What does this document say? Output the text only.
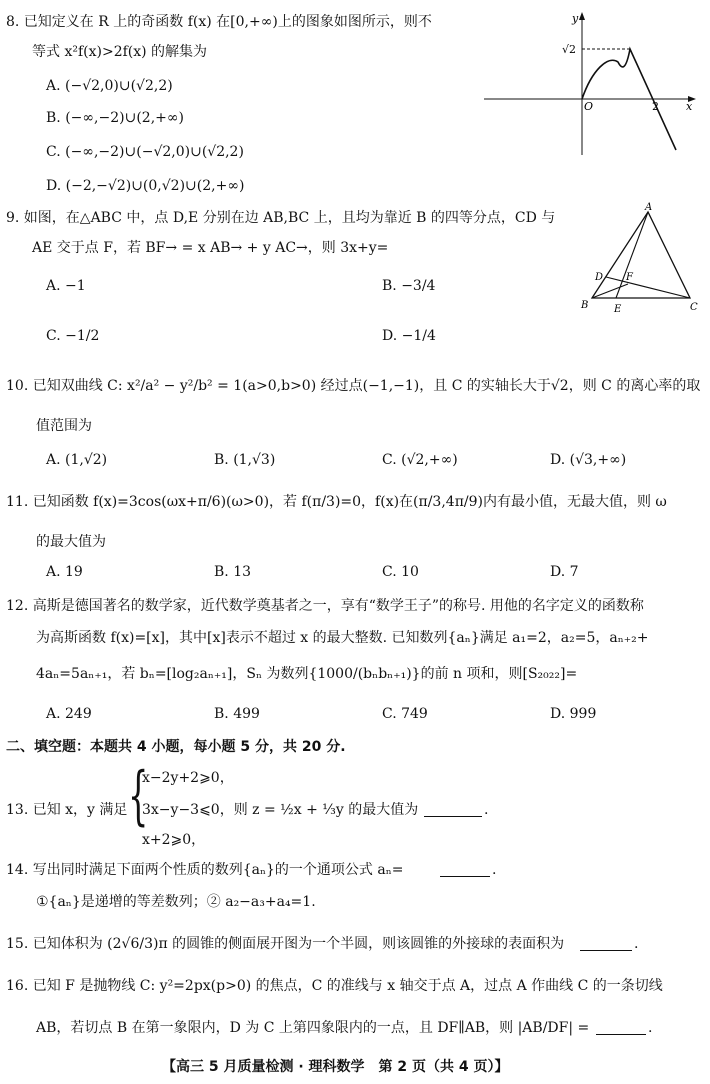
8. 已知定义在 R 上的奇函数 f(x) 在[0,+∞)上的图象如图所示，则不
等式 x²f(x)>2f(x) 的解集为
A. (−√2,0)∪(√2,2)
B. (−∞,−2)∪(2,+∞)
C. (−∞,−2)∪(−√2,0)∪(√2,2)
D. (−2,−√2)∪(0,√2)∪(2,+∞)
y
x
O	2
√2
9. 如图，在△ABC 中，点 D,E 分别在边 AB,BC 上，且均为靠近 B 的四等分点，CD 与
AE 交于点 F，若 BF→ = x AB→ + y AC→，则 3x+y=
A. −1	B. −3/4
C. −1/2	D. −1/4
A
B	C
D
E
F
10. 已知双曲线 C: x²/a² − y²/b² = 1(a>0,b>0) 经过点(−1,−1)，且 C 的实轴长大于√2，则 C 的离心率的取
值范围为
A. (1,√2)	B. (1,√3)	C. (√2,+∞)	D. (√3,+∞)
11. 已知函数 f(x)=3cos(ωx+π/6)(ω>0)，若 f(π/3)=0，f(x)在(π/3,4π/9)内有最小值，无最大值，则 ω
的最大值为
A. 19	B. 13	C. 10	D. 7
12. 高斯是德国著名的数学家，近代数学奠基者之一，享有“数学王子”的称号. 用他的名字定义的函数称
为高斯函数 f(x)=[x]，其中[x]表示不超过 x 的最大整数. 已知数列{aₙ}满足 a₁=2，a₂=5，aₙ₊₂+
4aₙ=5aₙ₊₁，若 bₙ=[log₂aₙ₊₁]，Sₙ 为数列{1000/(bₙbₙ₊₁)}的前 n 项和，则[S₂₀₂₂]=
A. 249	B. 499	C. 749	D. 999
二、填空题：本题共 4 小题，每小题 5 分，共 20 分.
13. 已知 x，y 满足 {
x−2y+2⩾0，
3x−y−3⩽0，则 z = ½x + ⅓y 的最大值为	.
x+2⩾0，
14. 写出同时满足下面两个性质的数列{aₙ}的一个通项公式 aₙ=	.
①{aₙ}是递增的等差数列；② a₂−a₃+a₄=1.
15. 已知体积为 (2√6/3)π 的圆锥的侧面展开图为一个半圆，则该圆锥的外接球的表面积为	.
16. 已知 F 是抛物线 C: y²=2px(p>0) 的焦点，C 的准线与 x 轴交于点 A，过点 A 作曲线 C 的一条切线
AB，若切点 B 在第一象限内，D 为 C 上第四象限内的一点，且 DF∥AB，则 |AB/DF| =	.
【高三 5 月质量检测 · 理科数学　第 2 页（共 4 页）】
